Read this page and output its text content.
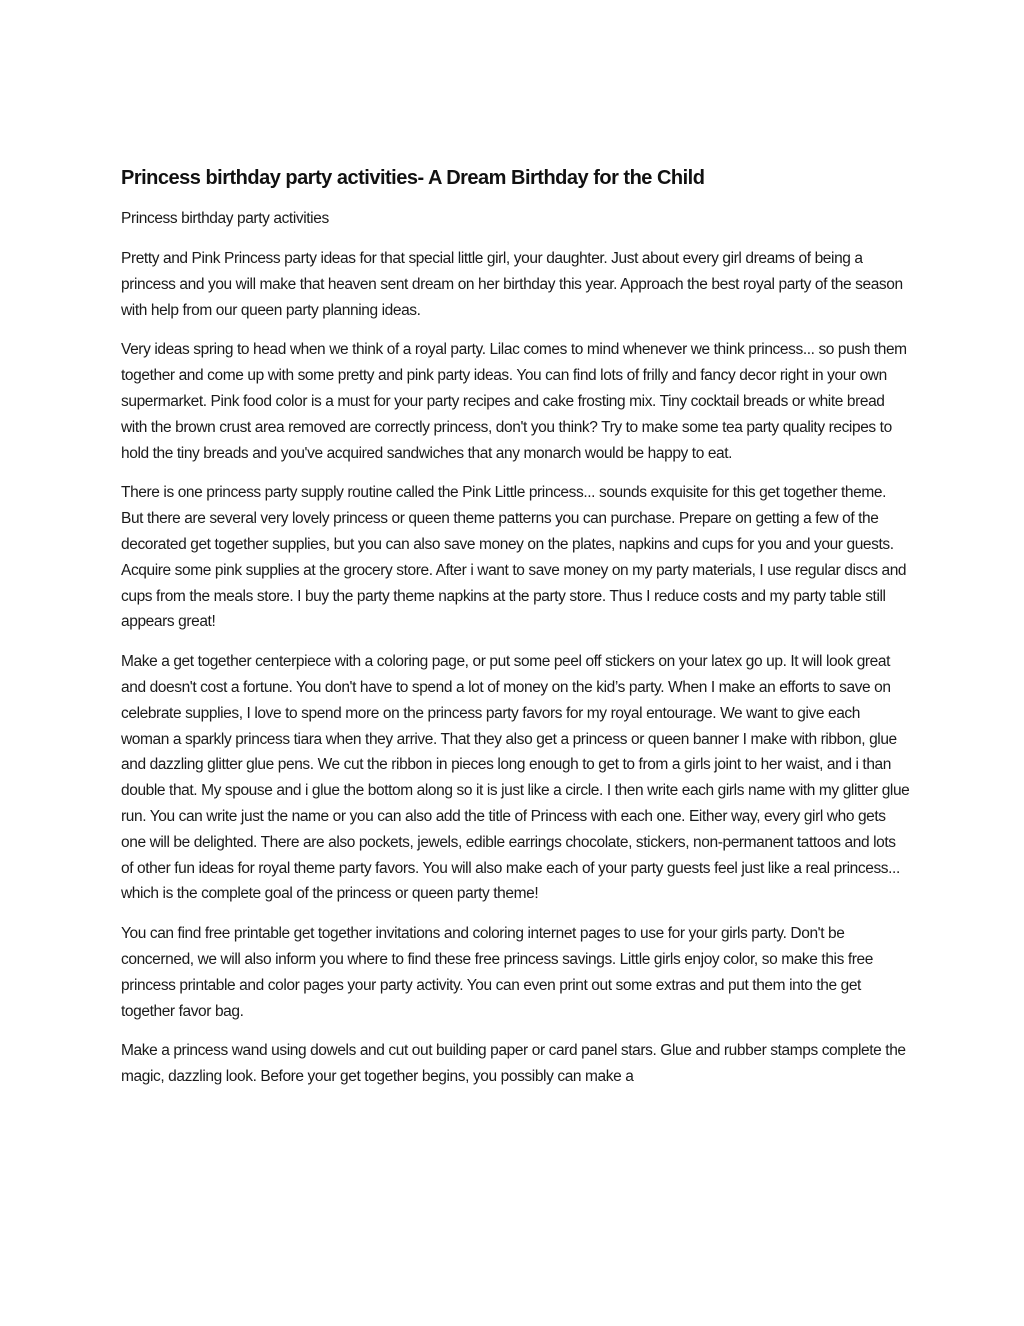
Princess birthday party activities- A Dream Birthday for the Child

Princess birthday party activities

Pretty and Pink Princess party ideas for that special little girl, your daughter. Just about every girl dreams of being a princess and you will make that heaven sent dream on her birthday this year. Approach the best royal party of the season with help from our queen party planning ideas.

Very ideas spring to head when we think of a royal party. Lilac comes to mind whenever we think princess... so push them together and come up with some pretty and pink party ideas. You can find lots of frilly and fancy decor right in your own supermarket. Pink food color is a must for your party recipes and cake frosting mix. Tiny cocktail breads or white bread with the brown crust area removed are correctly princess, don't you think? Try to make some tea party quality recipes to hold the tiny breads and you've acquired sandwiches that any monarch would be happy to eat.

There is one princess party supply routine called the Pink Little princess... sounds exquisite for this get together theme. But there are several very lovely princess or queen theme patterns you can purchase. Prepare on getting a few of the decorated get together supplies, but you can also save money on the plates, napkins and cups for you and your guests. Acquire some pink supplies at the grocery store. After i want to save money on my party materials, I use regular discs and cups from the meals store. I buy the party theme napkins at the party store. Thus I reduce costs and my party table still appears great!

Make a get together centerpiece with a coloring page, or put some peel off stickers on your latex go up. It will look great and doesn't cost a fortune. You don't have to spend a lot of money on the kid’s party. When I make an efforts to save on celebrate supplies, I love to spend more on the princess party favors for my royal entourage. We want to give each woman a sparkly princess tiara when they arrive. That they also get a princess or queen banner I make with ribbon, glue and dazzling glitter glue pens. We cut the ribbon in pieces long enough to get to from a girls joint to her waist, and i than double that. My spouse and i glue the bottom along so it is just like a circle. I then write each girls name with my glitter glue run. You can write just the name or you can also add the title of Princess with each one. Either way, every girl who gets one will be delighted. There are also pockets, jewels, edible earrings chocolate, stickers, non-permanent tattoos and lots of other fun ideas for royal theme party favors. You will also make each of your party guests feel just like a real princess... which is the complete goal of the princess or queen party theme!

You can find free printable get together invitations and coloring internet pages to use for your girls party. Don't be concerned, we will also inform you where to find these free princess savings. Little girls enjoy color, so make this free princess printable and color pages your party activity. You can even print out some extras and put them into the get together favor bag.

Make a princess wand using dowels and cut out building paper or card panel stars. Glue and rubber stamps complete the magic, dazzling look. Before your get together begins, you possibly can make a
